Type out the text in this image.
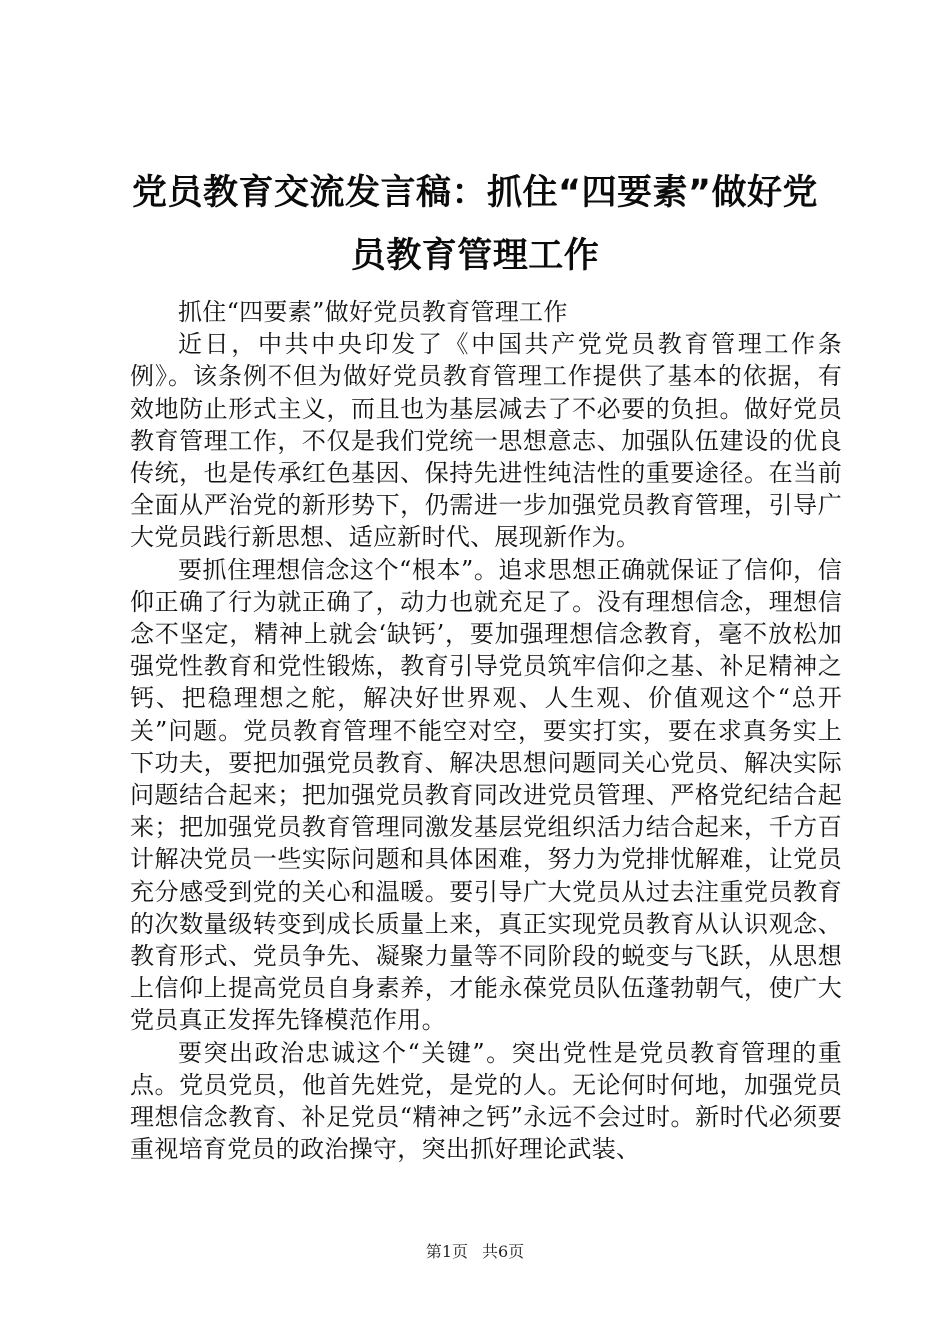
党员教育交流发言稿：抓住“四要素”做好党
员教育管理工作

抓住“四要素”做好党员教育管理工作

近日，中共中央印发了《中国共产党党员教育管理工作条例》。该条例不但为做好党员教育管理工作提供了基本的依据，有效地防止形式主义，而且也为基层减去了不必要的负担。做好党员教育管理工作，不仅是我们党统一思想意志、加强队伍建设的优良传统，也是传承红色基因、保持先进性纯洁性的重要途径。在当前全面从严治党的新形势下，仍需进一步加强党员教育管理，引导广大党员践行新思想、适应新时代、展现新作为。

要抓住理想信念这个“根本”。追求思想正确就保证了信仰，信仰正确了行为就正确了，动力也就充足了。没有理想信念，理想信念不坚定，精神上就会‘缺钙’，要加强理想信念教育，毫不放松加强党性教育和党性锻炼，教育引导党员筑牢信仰之基、补足精神之钙、把稳理想之舵，解决好世界观、人生观、价值观这个“总开关”问题。党员教育管理不能空对空，要实打实，要在求真务实上下功夫，要把加强党员教育、解决思想问题同关心党员、解决实际问题结合起来；把加强党员教育同改进党员管理、严格党纪结合起来；把加强党员教育管理同激发基层党组织活力结合起来，千方百计解决党员一些实际问题和具体困难，努力为党排忧解难，让党员充分感受到党的关心和温暖。要引导广大党员从过去注重党员教育的次数量级转变到成长质量上来，真正实现党员教育从认识观念、教育形式、党员争先、凝聚力量等不同阶段的蜕变与飞跃，从思想上信仰上提高党员自身素养，才能永葆党员队伍蓬勃朝气，使广大党员真正发挥先锋模范作用。

要突出政治忠诚这个“关键”。突出党性是党员教育管理的重点。党员党员，他首先姓党，是党的人。无论何时何地，加强党员理想信念教育、补足党员“精神之钙”永远不会过时。新时代必须要重视培育党员的政治操守，突出抓好理论武装、

第1页 共6页
